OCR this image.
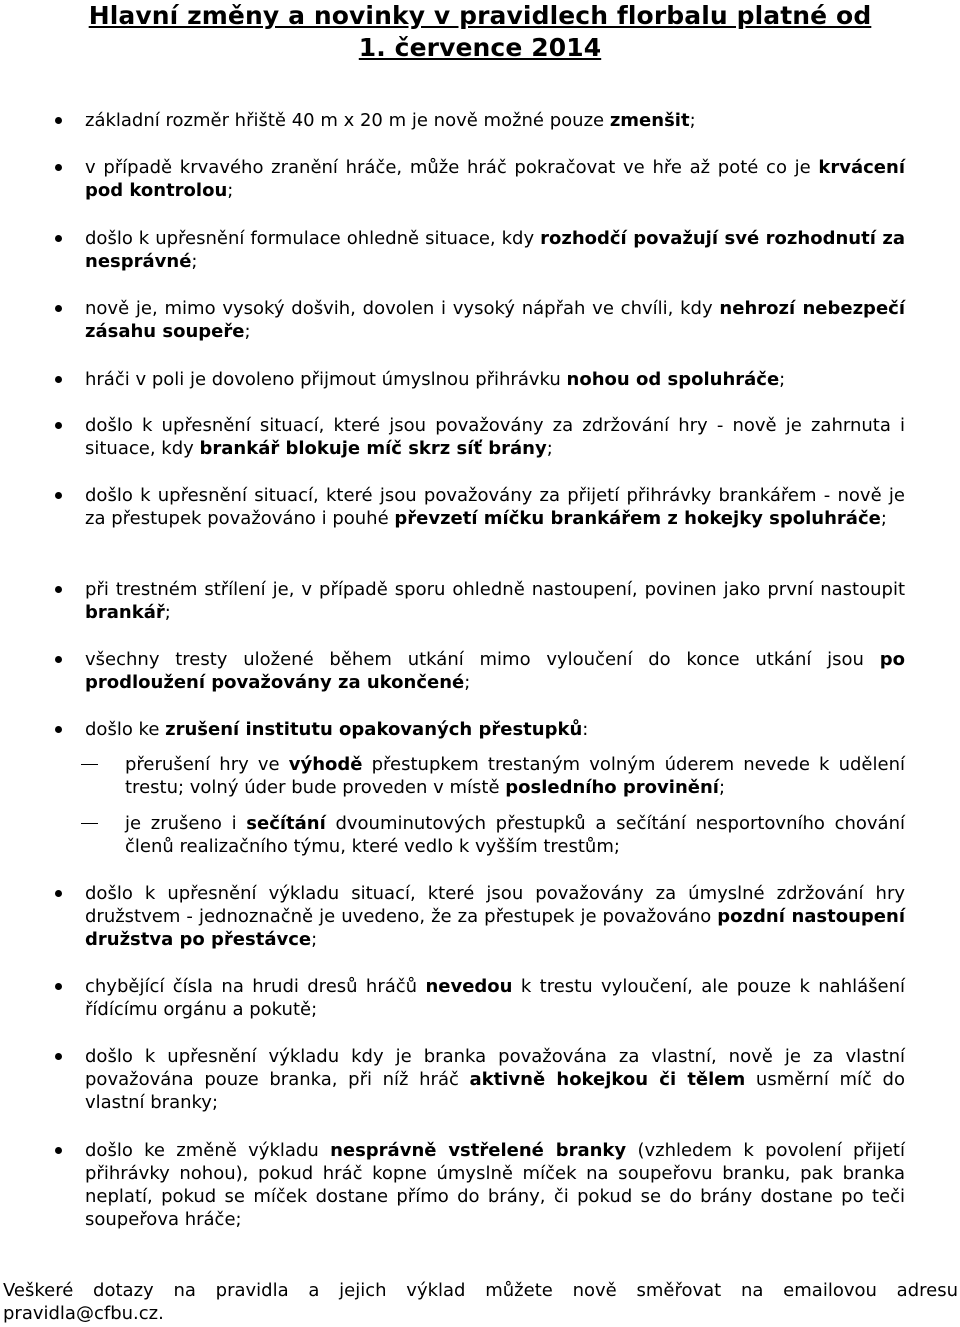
Hlavní změny a novinky v pravidlech florbalu platné od
1. července 2014
základní rozměr hřiště 40 m x 20 m je nově možné pouze zmenšit;
v případě krvavého zranění hráče, může hráč pokračovat ve hře až poté co je krvácení pod kontrolou;
došlo k upřesnění formulace ohledně situace, kdy rozhodčí považují své rozhodnutí za nesprávné;
nově je, mimo vysoký došvih, dovolen i vysoký nápřah ve chvíli, kdy nehrozí nebezpečí zásahu soupeře;
hráči v poli je dovoleno přijmout úmyslnou přihrávku nohou od spoluhráče;
došlo k upřesnění situací, které jsou považovány za zdržování hry - nově je zahrnuta i situace, kdy brankář blokuje míč skrz síť brány;
došlo k upřesnění situací, které jsou považovány za přijetí přihrávky brankářem - nově je za přestupek považováno i pouhé převzetí míčku brankářem z hokejky spoluhráče;
při trestném střílení je, v případě sporu ohledně nastoupení, povinen jako první nastoupit brankář;
všechny tresty uložené během utkání mimo vyloučení do konce utkání jsou po prodloužení považovány za ukončené;
došlo ke zrušení institutu opakovaných přestupků:
přerušení hry ve výhodě přestupkem trestaným volným úderem nevede k udělení trestu; volný úder bude proveden v místě posledního provinění;
je zrušeno i sečítání dvouminutových přestupků a sečítání nesportovního chování členů realizačního týmu, které vedlo k vyšším trestům;
došlo k upřesnění výkladu situací, které jsou považovány za úmyslné zdržování hry družstvem - jednoznačně je uvedeno, že za přestupek je považováno pozdní nastoupení družstva po přestávce;
chybějící čísla na hrudi dresů hráčů nevedou k trestu vyloučení, ale pouze k nahlášení řídícímu orgánu a pokutě;
došlo k upřesnění výkladu kdy je branka považována za vlastní, nově je za vlastní považována pouze branka, při níž hráč aktivně hokejkou či tělem usměrní míč do vlastní branky;
došlo ke změně výkladu nesprávně vstřelené branky (vzhledem k povolení přijetí přihrávky nohou), pokud hráč kopne úmyslně míček na soupeřovu branku, pak branka neplatí, pokud se míček dostane přímo do brány, či pokud se do brány dostane po teči soupeřova hráče;
Veškeré dotazy na pravidla a jejich výklad můžete nově směřovat na emailovou adresu
pravidla@cfbu.cz.
